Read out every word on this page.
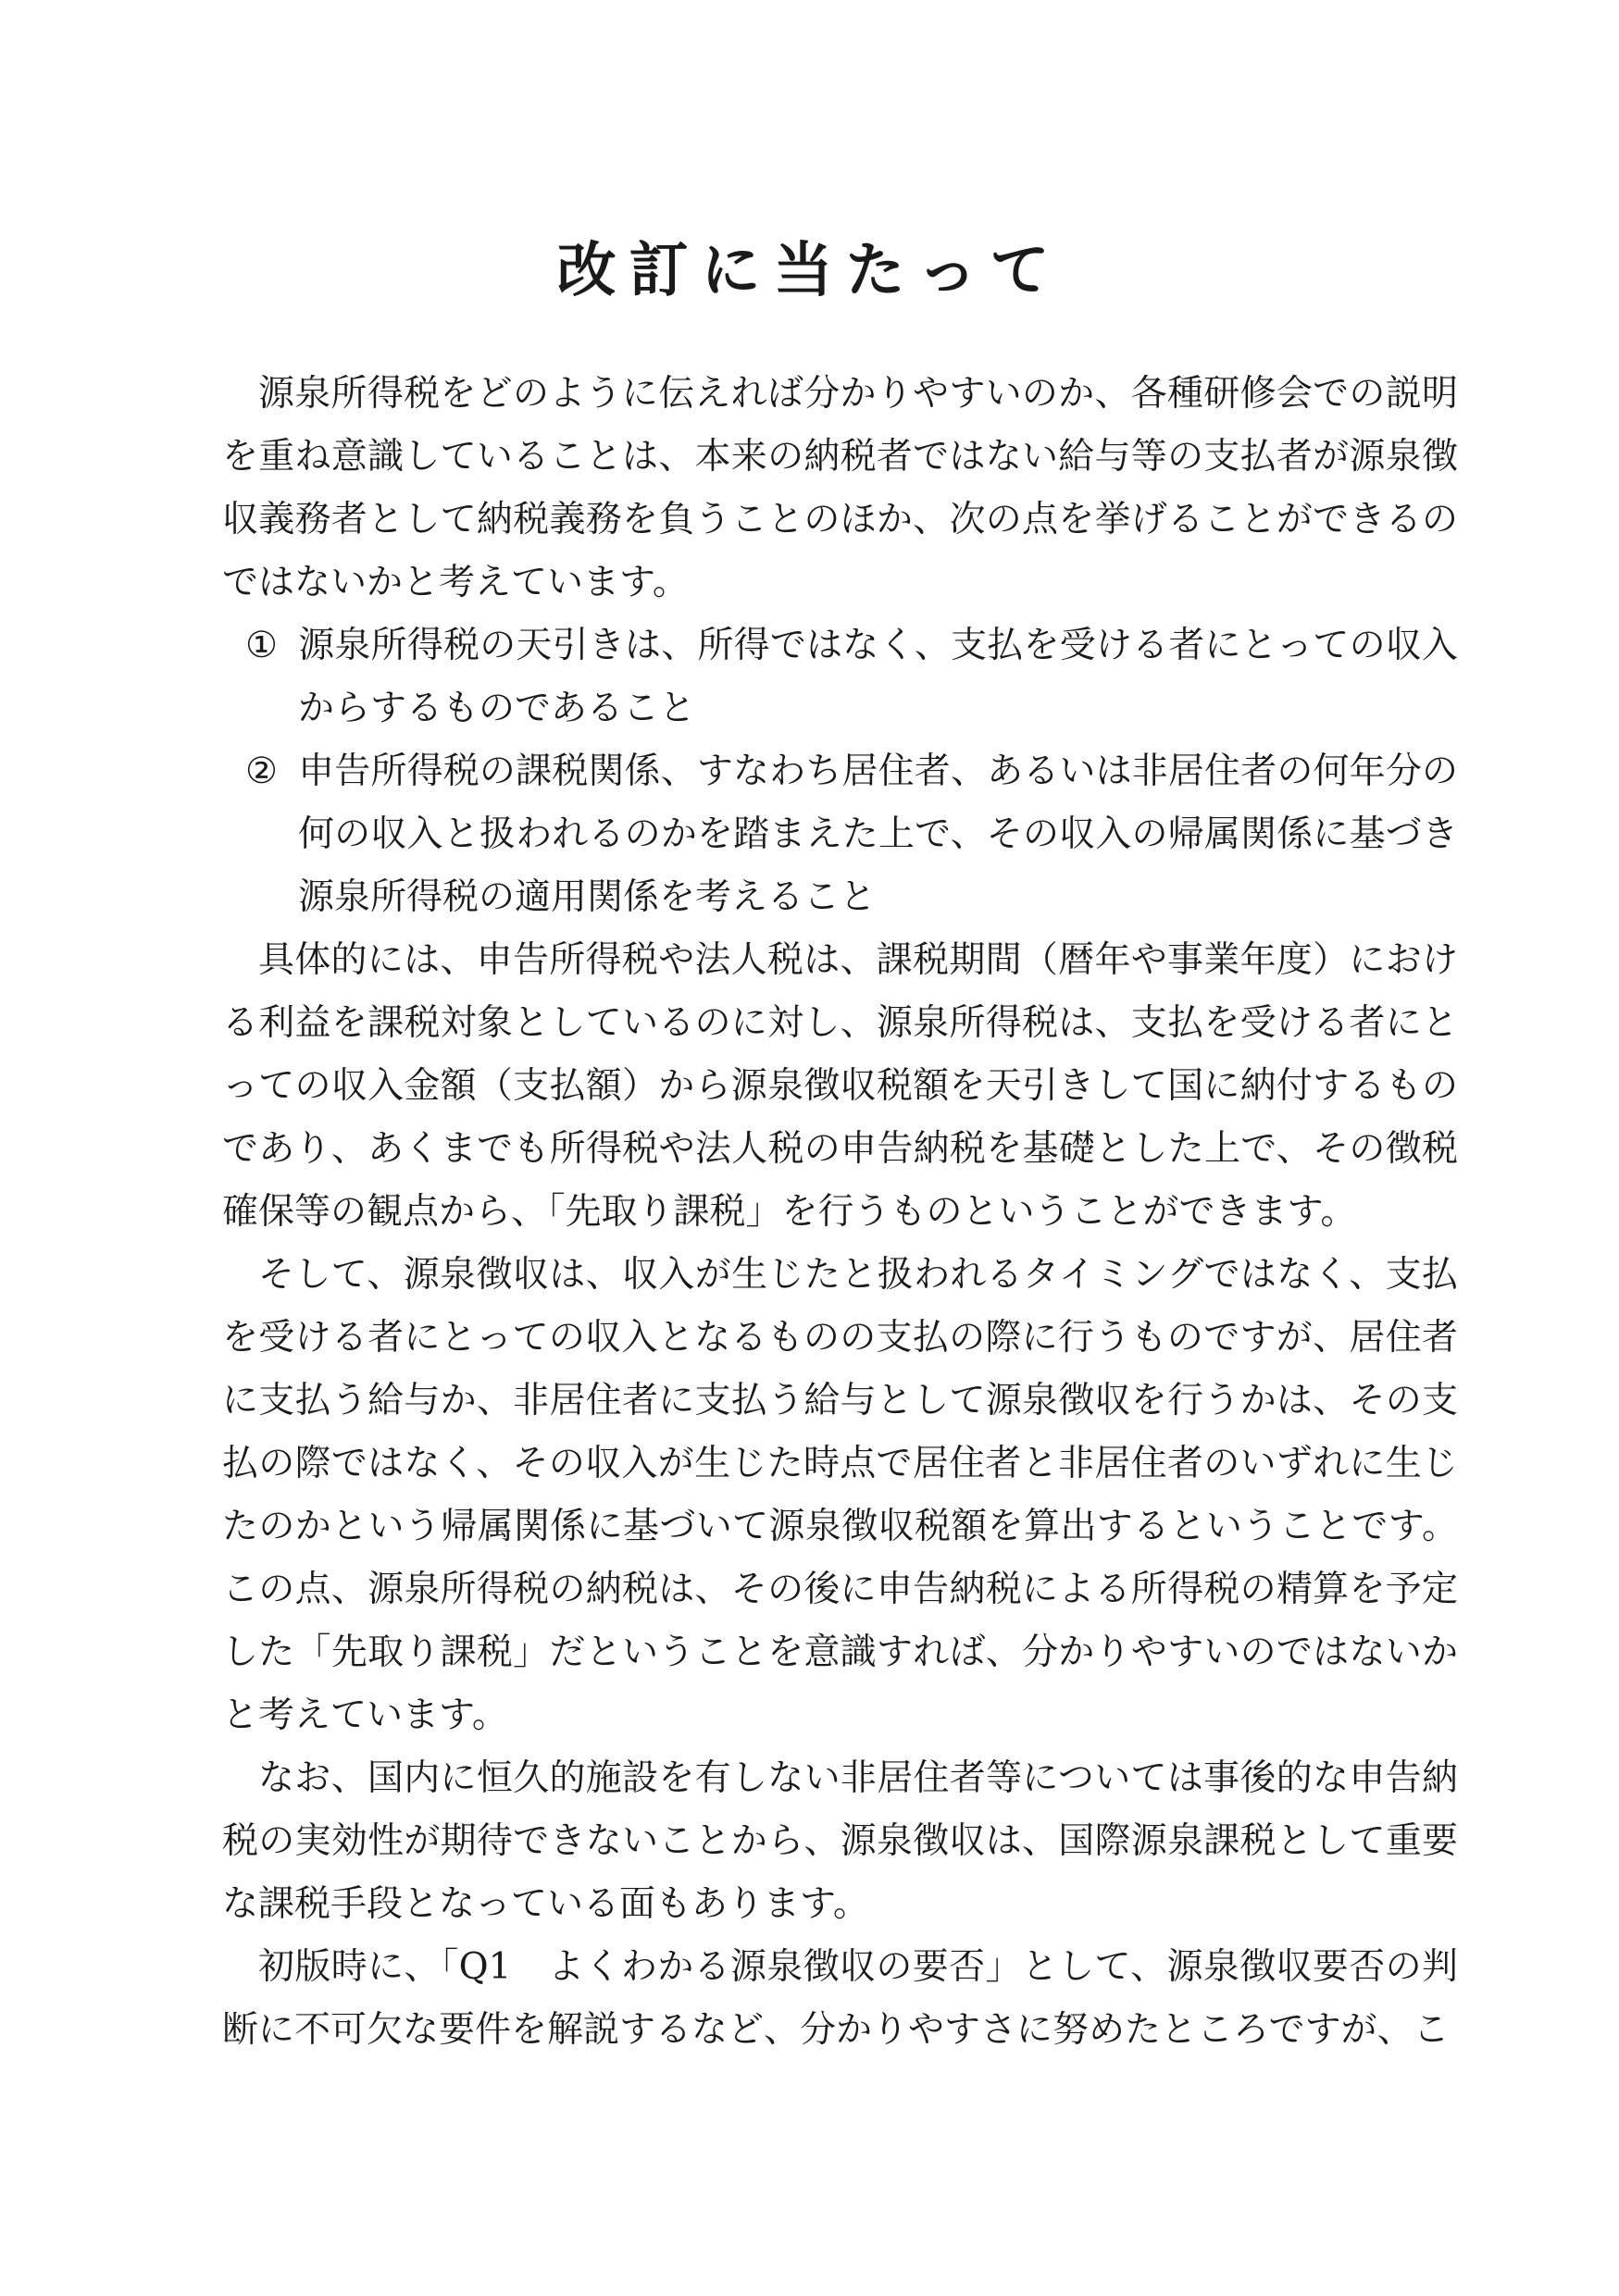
改訂に当たって

源泉所得税をどのように伝えれば分かりやすいのか、各種研修会での説明を重ね意識していることは、本来の納税者ではない給与等の支払者が源泉徴収義務者として納税義務を負うことのほか、次の点を挙げることができるのではないかと考えています。

① 源泉所得税の天引きは、所得ではなく、支払を受ける者にとっての収入からするものであること

② 申告所得税の課税関係、すなわち居住者、あるいは非居住者の何年分の何の収入と扱われるのかを踏まえた上で、その収入の帰属関係に基づき源泉所得税の適用関係を考えること

具体的には、申告所得税や法人税は、課税期間（暦年や事業年度）における利益を課税対象としているのに対し、源泉所得税は、支払を受ける者にとっての収入金額（支払額）から源泉徴収税額を天引きして国に納付するものであり、あくまでも所得税や法人税の申告納税を基礎とした上で、その徴税確保等の観点から、「先取り課税」を行うものということができます。

そして、源泉徴収は、収入が生じたと扱われるタイミングではなく、支払を受ける者にとっての収入となるものの支払の際に行うものですが、居住者に支払う給与か、非居住者に支払う給与として源泉徴収を行うかは、その支払の際ではなく、その収入が生じた時点で居住者と非居住者のいずれに生じたのかという帰属関係に基づいて源泉徴収税額を算出するということです。この点、源泉所得税の納税は、その後に申告納税による所得税の精算を予定した「先取り課税」だということを意識すれば、分かりやすいのではないかと考えています。

なお、国内に恒久的施設を有しない非居住者等については事後的な申告納税の実効性が期待できないことから、源泉徴収は、国際源泉課税として重要な課税手段となっている面もあります。

初版時に、「Q1　よくわかる源泉徴収の要否」として、源泉徴収要否の判断に不可欠な要件を解説するなど、分かりやすさに努めたところですが、こ
